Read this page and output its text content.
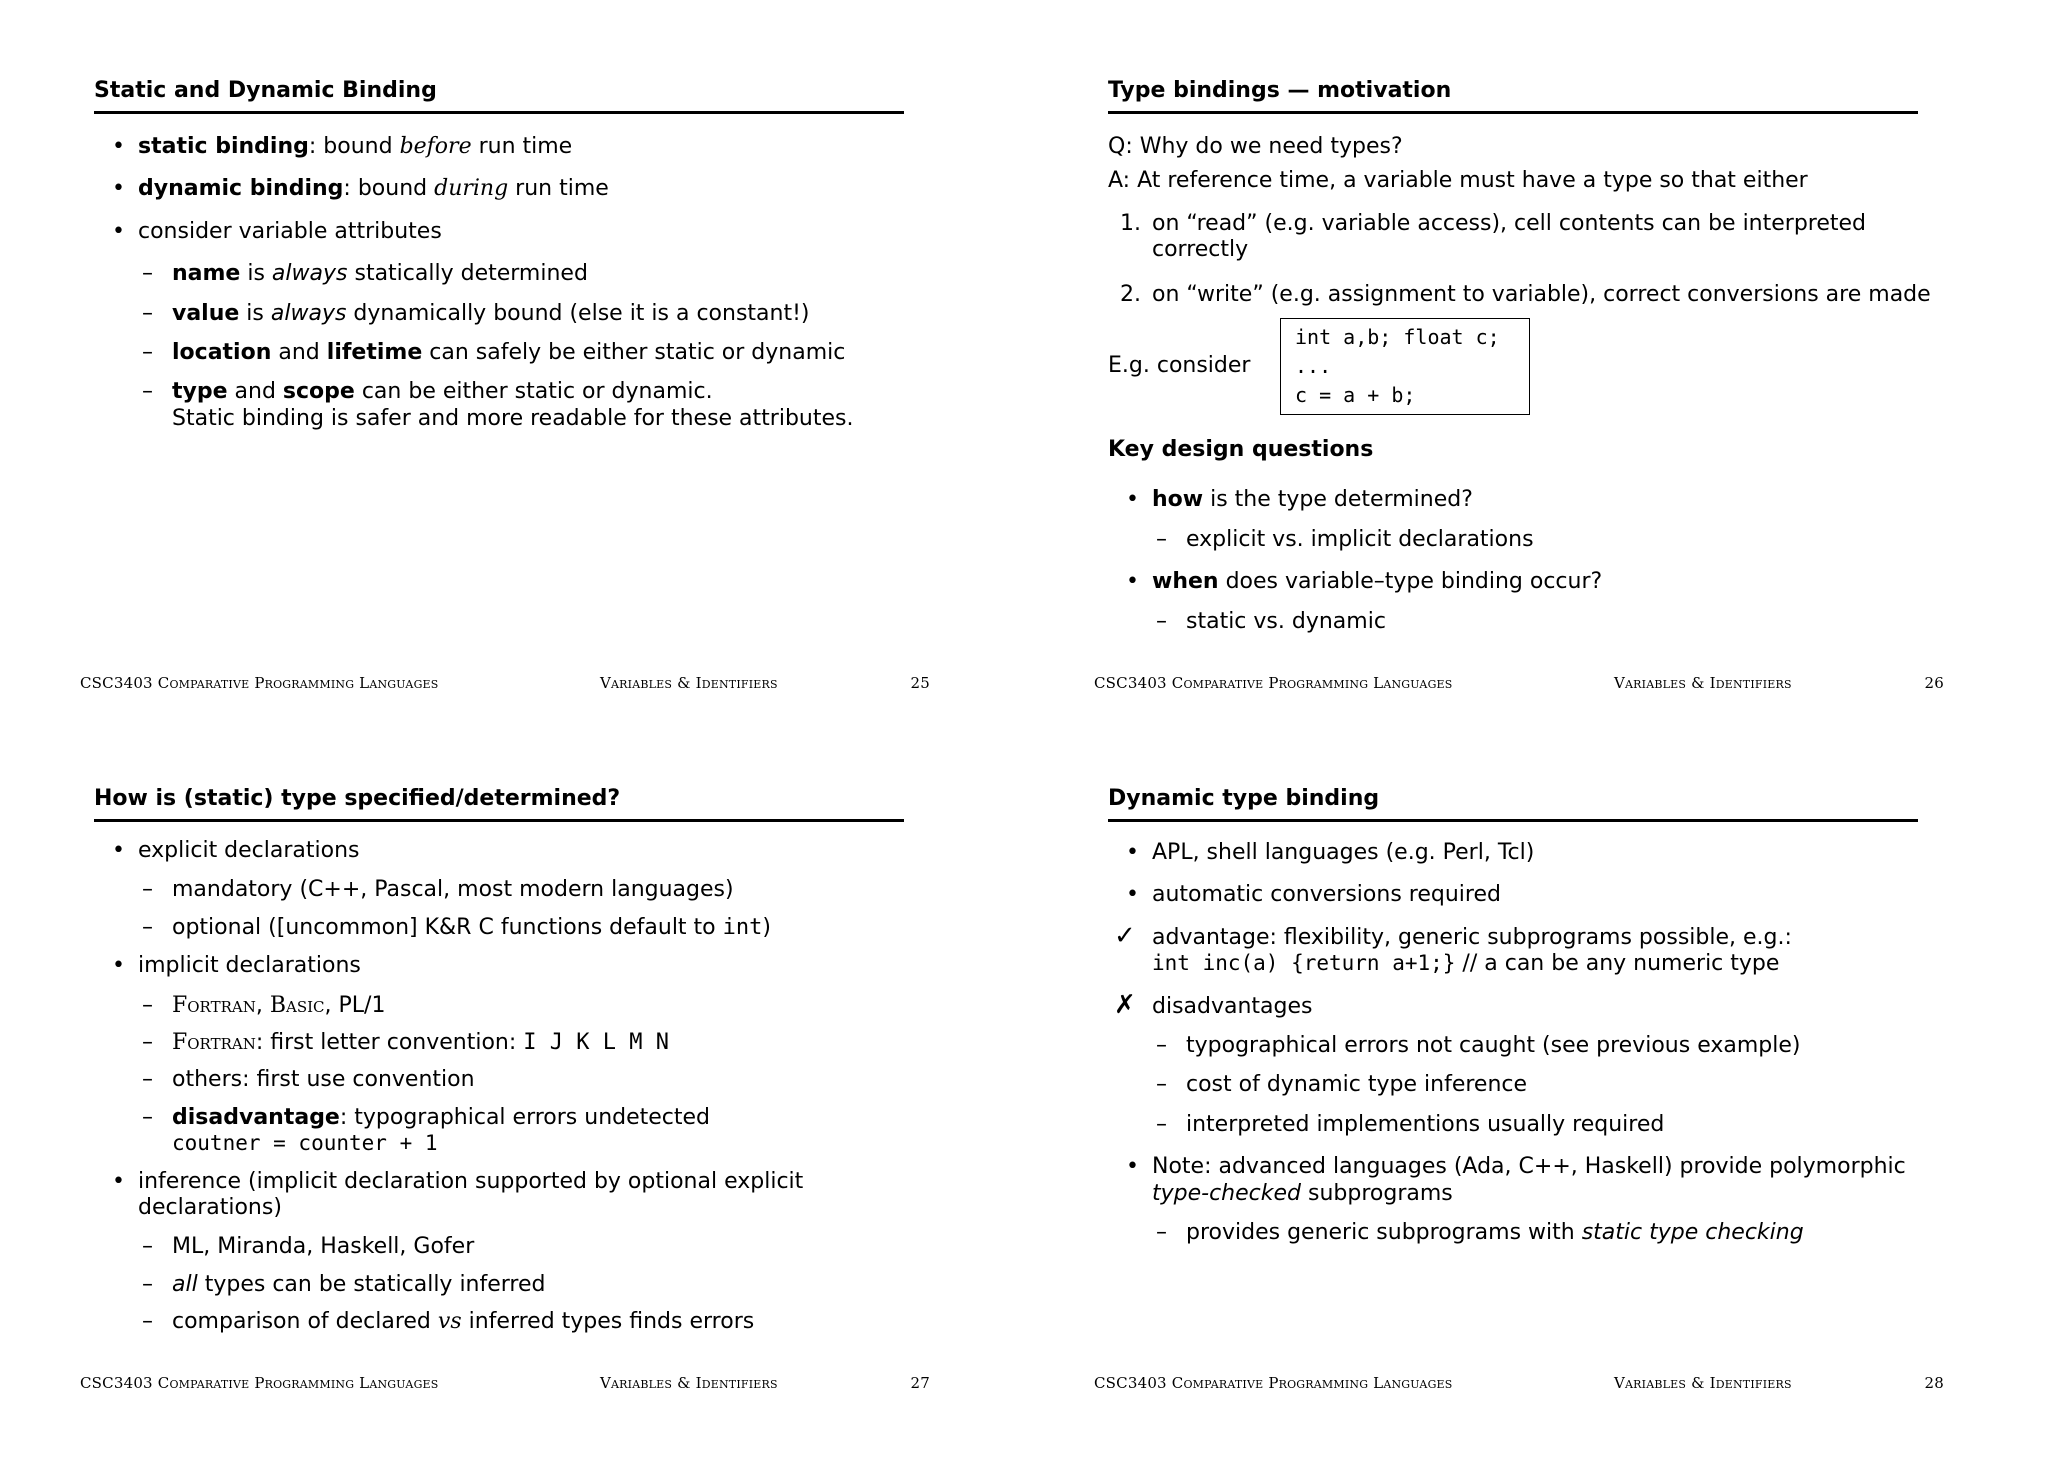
Static and Dynamic Binding
• static binding: bound before run time
• dynamic binding: bound during run time
• consider variable attributes
– name is always statically determined
– value is always dynamically bound (else it is a constant!)
– location and lifetime can safely be either static or dynamic
– type and scope can be either static or dynamic.
Static binding is safer and more readable for these attributes.
CSC3403 Comparative Programming Languages	Variables & Identifiers	25
Type bindings — motivation
Q: Why do we need types?
A: At reference time, a variable must have a type so that either
1. on “read” (e.g. variable access), cell contents can be interpreted correctly
2. on “write” (e.g. assignment to variable), correct conversions are made
E.g. consider
int a,b; float c;
...
c = a + b;
Key design questions
• how is the type determined?
– explicit vs. implicit declarations
• when does variable–type binding occur?
– static vs. dynamic
CSC3403 Comparative Programming Languages	Variables & Identifiers	26
How is (static) type specified/determined?
• explicit declarations
– mandatory (C++, Pascal, most modern languages)
– optional ([uncommon] K&R C functions default to int)
• implicit declarations
– Fortran, Basic, PL/1
– Fortran: first letter convention: I J K L M N
– others: first use convention
– disadvantage: typographical errors undetected
coutner = counter + 1
• inference (implicit declaration supported by optional explicit declarations)
– ML, Miranda, Haskell, Gofer
– all types can be statically inferred
– comparison of declared vs inferred types finds errors
CSC3403 Comparative Programming Languages	Variables & Identifiers	27
Dynamic type binding
• APL, shell languages (e.g. Perl, Tcl)
• automatic conversions required
✓ advantage: flexibility, generic subprograms possible, e.g.:
int inc(a) {return a+1;} // a can be any numeric type
✗ disadvantages
– typographical errors not caught (see previous example)
– cost of dynamic type inference
– interpreted implementions usually required
• Note: advanced languages (Ada, C++, Haskell) provide polymorphic
type-checked subprograms
– provides generic subprograms with static type checking
CSC3403 Comparative Programming Languages	Variables & Identifiers	28
